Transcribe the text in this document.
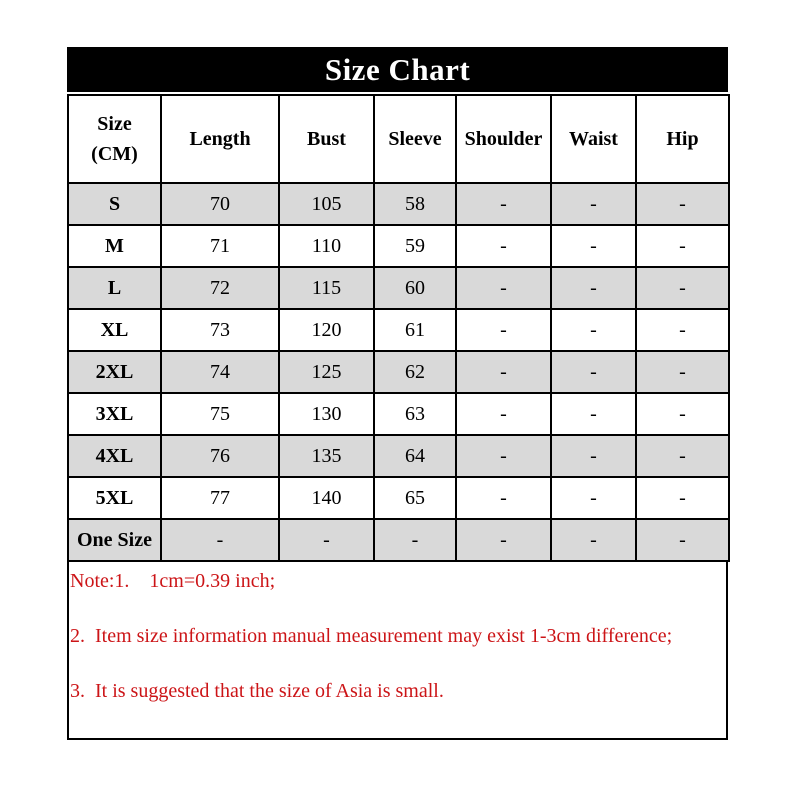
Size Chart
Size
(CM)	Length	Bust	Sleeve	Shoulder	Waist	Hip
S	70	105	58	-	-	-
M	71	110	59	-	-	-
L	72	115	60	-	-	-
XL	73	120	61	-	-	-
2XL	74	125	62	-	-	-
3XL	75	130	63	-	-	-
4XL	76	135	64	-	-	-
5XL	77	140	65	-	-	-
One Size	-	-	-	-	-	-
Note:1.    1cm=0.39 inch;
2.  Item size information manual measurement may exist 1-3cm difference;
3.  It is suggested that the size of Asia is small.
